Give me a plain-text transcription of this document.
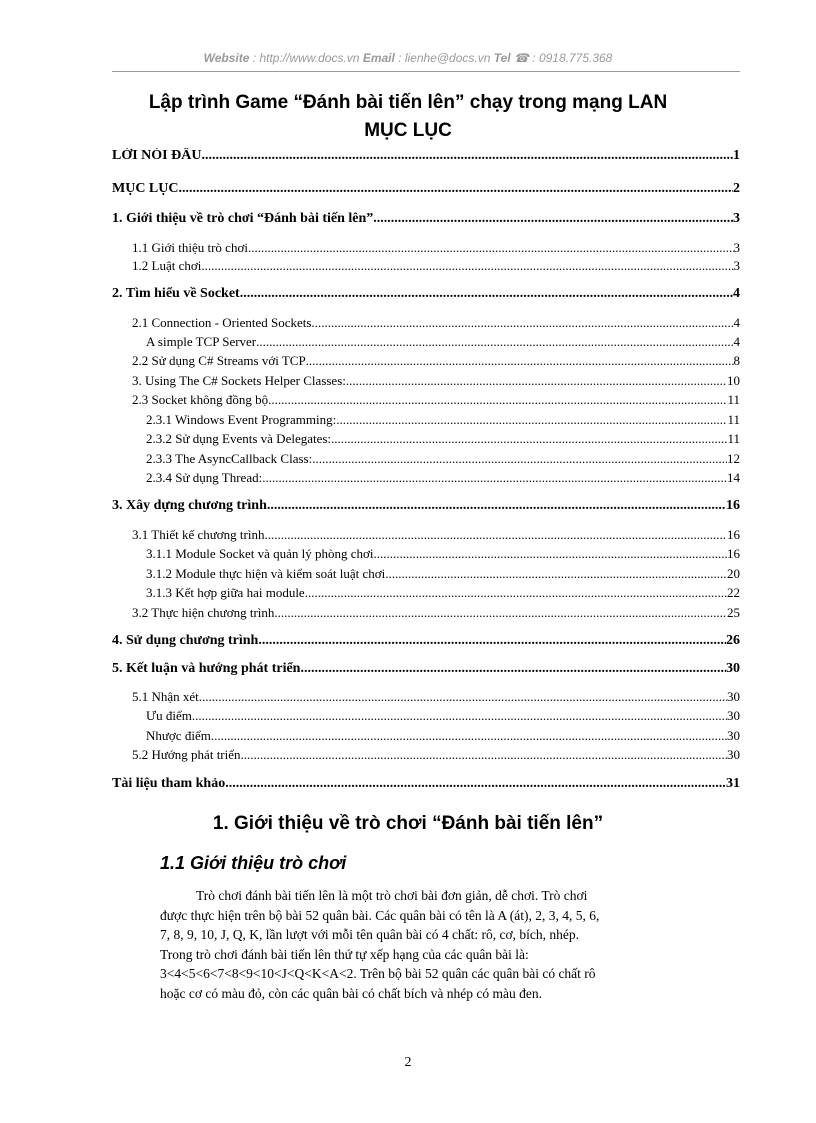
Website : http://www.docs.vn Email : lienhe@docs.vn Tel ☎ : 0918.775.368
Lập trình Game “Đánh bài tiến lên” chạy trong mạng LAN
MỤC LỤC
LỜI NÓI ĐẦU .....	1
MỤC LỤC .....	2
1. Giới thiệu về trò chơi “Đánh bài tiến lên” .....	3
1.1 Giới thiệu trò chơi .....	3
1.2 Luật chơi .....	3
2. Tìm hiểu về Socket .....	4
2.1 Connection - Oriented Sockets. .....	4
A simple TCP Server .....	4
2.2 Sử dụng C# Streams với TCP .....	8
3. Using The C# Sockets Helper Classes: .....	10
2.3 Socket không đồng bộ .....	11
2.3.1 Windows Event Programming: .....	11
2.3.2 Sử dụng Events và Delegates: .....	11
2.3.3 The AsyncCallback Class: .....	12
2.3.4 Sử dụng Thread: .....	14
3. Xây dựng chương trình .....	16
3.1 Thiết kế chương trình .....	16
3.1.1 Module Socket và quản lý phòng chơi .....	16
3.1.2 Module thực hiện và kiểm soát luật chơi .....	20
3.1.3 Kết hợp giữa hai module .....	22
3.2 Thực hiện chương trình .....	25
4. Sử dụng chương trình .....	26
5. Kết luận và hướng phát triển .....	30
5.1 Nhận xét .....	30
Ưu điểm .....	30
Nhược điểm .....	30
5.2 Hướng phát triển .....	30
Tài liệu tham khảo .....	31
1. Giới thiệu về trò chơi “Đánh bài tiến lên”
1.1 Giới thiệu trò chơi
Trò chơi đánh bài tiến lên là một trò chơi bài đơn giản, dễ chơi. Trò chơi
được thực hiện trên bộ bài 52 quân bài. Các quân bài có tên là A (át), 2, 3, 4, 5, 6,
7, 8, 9, 10, J, Q, K, lần lượt với mỗi tên quân bài có 4 chất: rô, cơ, bích, nhép.
Trong trò chơi đánh bài tiến lên thứ tự xếp hạng của các quân bài là:
3<4<5<6<7<8<9<10<J<Q<K<A<2. Trên bộ bài 52 quân các quân bài có chất rô
hoặc cơ có màu đỏ, còn các quân bài có chất bích và nhép có màu đen.
2
